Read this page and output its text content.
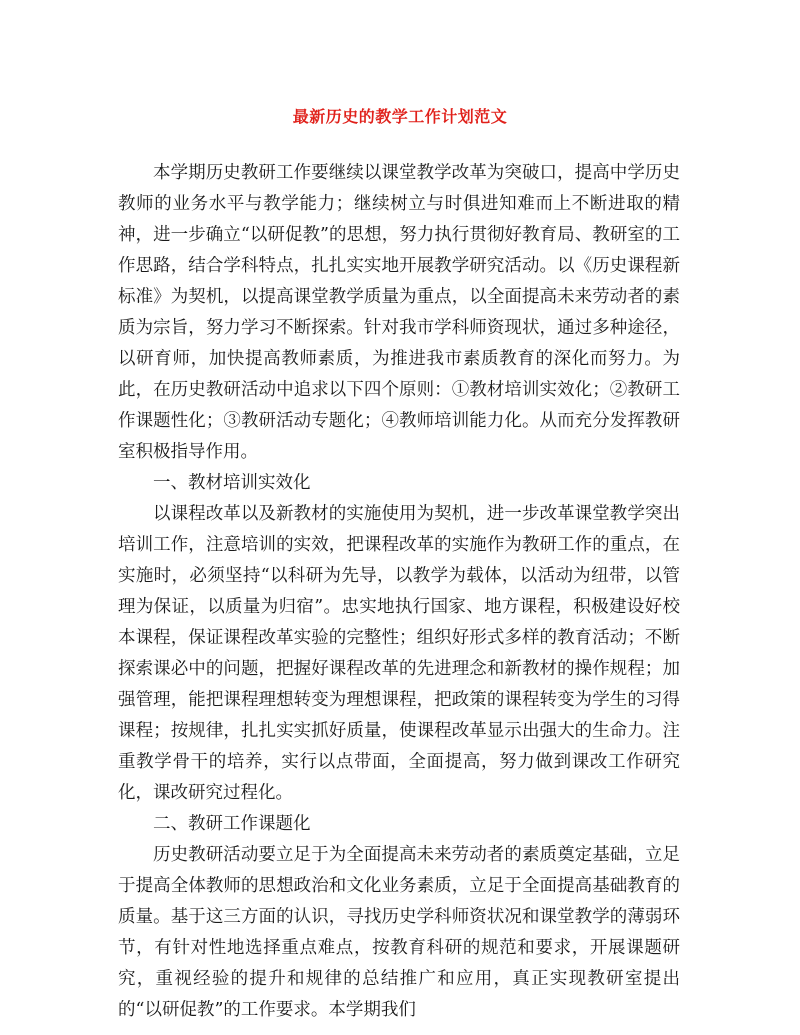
最新历史的教学工作计划范文

本学期历史教研工作要继续以课堂教学改革为突破口，提高中学历史教师的业务水平与教学能力；继续树立与时俱进知难而上不断进取的精神，进一步确立“以研促教”的思想，努力执行贯彻好教育局、教研室的工作思路，结合学科特点，扎扎实实地开展教学研究活动。以《历史课程新标准》为契机，以提高课堂教学质量为重点，以全面提高未来劳动者的素质为宗旨，努力学习不断探索。针对我市学科师资现状，通过多种途径，以研育师，加快提高教师素质，为推进我市素质教育的深化而努力。为此，在历史教研活动中追求以下四个原则：①教材培训实效化；②教研工作课题性化；③教研活动专题化；④教师培训能力化。从而充分发挥教研室积极指导作用。

一、教材培训实效化

以课程改革以及新教材的实施使用为契机，进一步改革课堂教学突出培训工作，注意培训的实效，把课程改革的实施作为教研工作的重点，在实施时，必须坚持“以科研为先导，以教学为载体，以活动为纽带，以管理为保证，以质量为归宿”。忠实地执行国家、地方课程，积极建设好校本课程，保证课程改革实验的完整性；组织好形式多样的教育活动；不断探索课必中的问题，把握好课程改革的先进理念和新教材的操作规程；加强管理，能把课程理想转变为理想课程，把政策的课程转变为学生的习得课程；按规律，扎扎实实抓好质量，使课程改革显示出强大的生命力。注重教学骨干的培养，实行以点带面，全面提高，努力做到课改工作研究化，课改研究过程化。

二、教研工作课题化

历史教研活动要立足于为全面提高未来劳动者的素质奠定基础，立足于提高全体教师的思想政治和文化业务素质，立足于全面提高基础教育的质量。基于这三方面的认识，寻找历史学科师资状况和课堂教学的薄弱环节，有针对性地选择重点难点，按教育科研的规范和要求，开展课题研究，重视经验的提升和规律的总结推广和应用，真正实现教研室提出的“以研促教”的工作要求。本学期我们
